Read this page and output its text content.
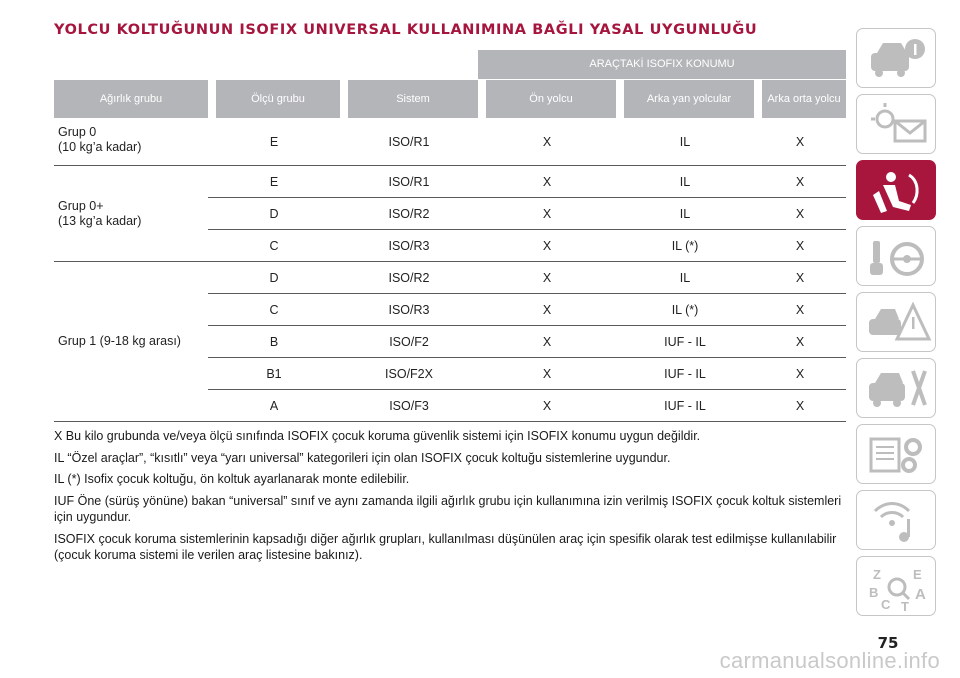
YOLCU KOLTUĞUNUN ISOFIX UNIVERSAL KULLANIMINA BAĞLI YASAL UYGUNLUĞU
			ARAÇTAKİ ISOFIX KONUMU		
Ağırlık grubu	Ölçü grubu	Sistem	Ön yolcu	Arka yan yolcular	Arka orta yolcu
Grup 0
(10 kg’a kadar)	E	ISO/R1	X	IL	X
Grup 0+
(13 kg’a kadar)	E	ISO/R1	X	IL	X
	D	ISO/R2	X	IL	X
	C	ISO/R3	X	IL (*)	X
Grup 1 (9-18 kg arası)	D	ISO/R2	X	IL	X
	C	ISO/R3	X	IL (*)	X
	B	ISO/F2	X	IUF - IL	X
	B1	ISO/F2X	X	IUF - IL	X
	A	ISO/F3	X	IUF - IL	X

X Bu kilo grubunda ve/veya ölçü sınıfında ISOFIX çocuk koruma güvenlik sistemi için ISOFIX konumu uygun değildir.

IL “Özel araçlar”, “kısıtlı” veya “yarı universal” kategorileri için olan ISOFIX çocuk koltuğu sistemlerine uygundur.

IL (*) Isofix çocuk koltuğu, ön koltuk ayarlanarak monte edilebilir.

IUF Öne (sürüş yönüne) bakan “universal” sınıf ve aynı zamanda ilgili ağırlık grubu için kullanımına izin verilmiş ISOFIX çocuk koltuk sistemleri için uygundur.

ISOFIX çocuk koruma sistemlerinin kapsadığı diğer ağırlık grupları, kullanılması düşünülen araç için spesifik olarak test edilmişse kullanılabilir (çocuk koruma sistemi ile verilen araç listesine bakınız).

Z E
B A
C T
75
carmanualsonline.info
